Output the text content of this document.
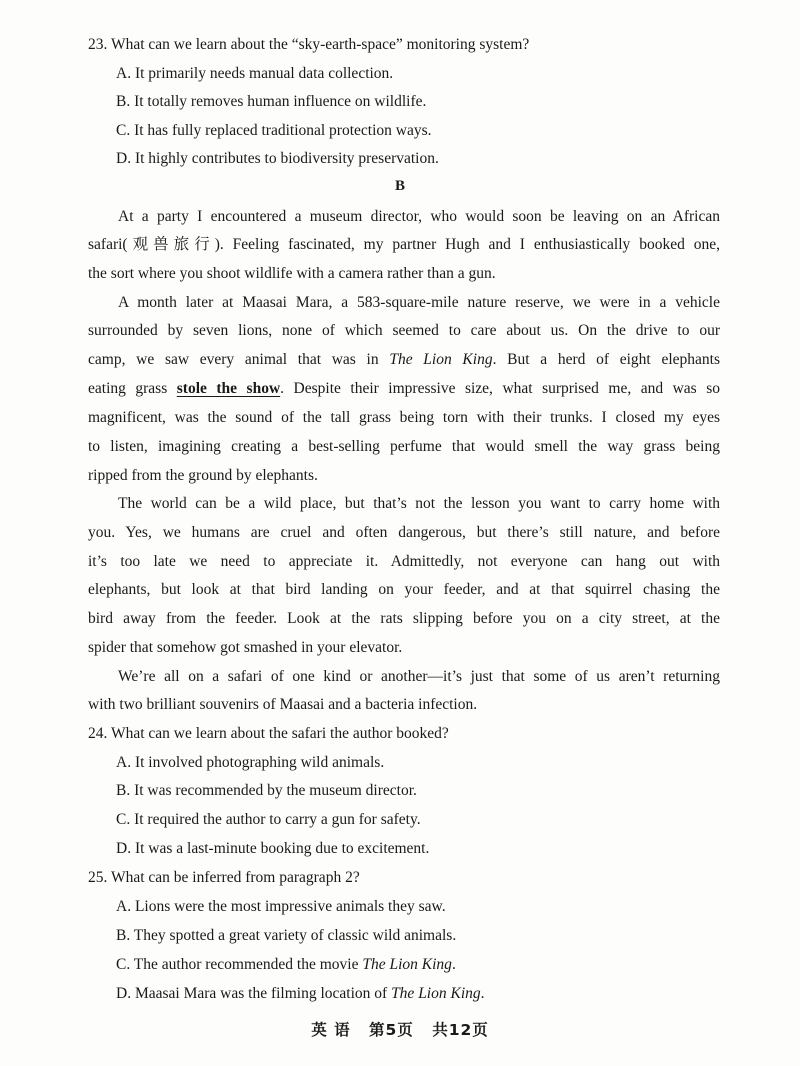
23. What can we learn about the “sky-earth-space” monitoring system?
A. It primarily needs manual data collection.
B. It totally removes human influence on wildlife.
C. It has fully replaced traditional protection ways.
D. It highly contributes to biodiversity preservation.
B
At a party I encountered a museum director, who would soon be leaving on an African
safari(观兽旅行). Feeling fascinated, my partner Hugh and I enthusiastically booked one,
the sort where you shoot wildlife with a camera rather than a gun.
A month later at Maasai Mara, a 583-square-mile nature reserve, we were in a vehicle
surrounded by seven lions, none of which seemed to care about us. On the drive to our
camp, we saw every animal that was in The Lion King. But a herd of eight elephants
eating grass stole the show. Despite their impressive size, what surprised me, and was so
magnificent, was the sound of the tall grass being torn with their trunks. I closed my eyes
to listen, imagining creating a best-selling perfume that would smell the way grass being
ripped from the ground by elephants.
The world can be a wild place, but that’s not the lesson you want to carry home with
you. Yes, we humans are cruel and often dangerous, but there’s still nature, and before
it’s too late we need to appreciate it. Admittedly, not everyone can hang out with
elephants, but look at that bird landing on your feeder, and at that squirrel chasing the
bird away from the feeder. Look at the rats slipping before you on a city street, at the
spider that somehow got smashed in your elevator.
We’re all on a safari of one kind or another—it’s just that some of us aren’t returning
with two brilliant souvenirs of Maasai and a bacteria infection.
24. What can we learn about the safari the author booked?
A. It involved photographing wild animals.
B. It was recommended by the museum director.
C. It required the author to carry a gun for safety.
D. It was a last-minute booking due to excitement.
25. What can be inferred from paragraph 2?
A. Lions were the most impressive animals they saw.
B. They spotted a great variety of classic wild animals.
C. The author recommended the movie The Lion King.
D. Maasai Mara was the filming location of The Lion King.
英 语 第5页 共12页
